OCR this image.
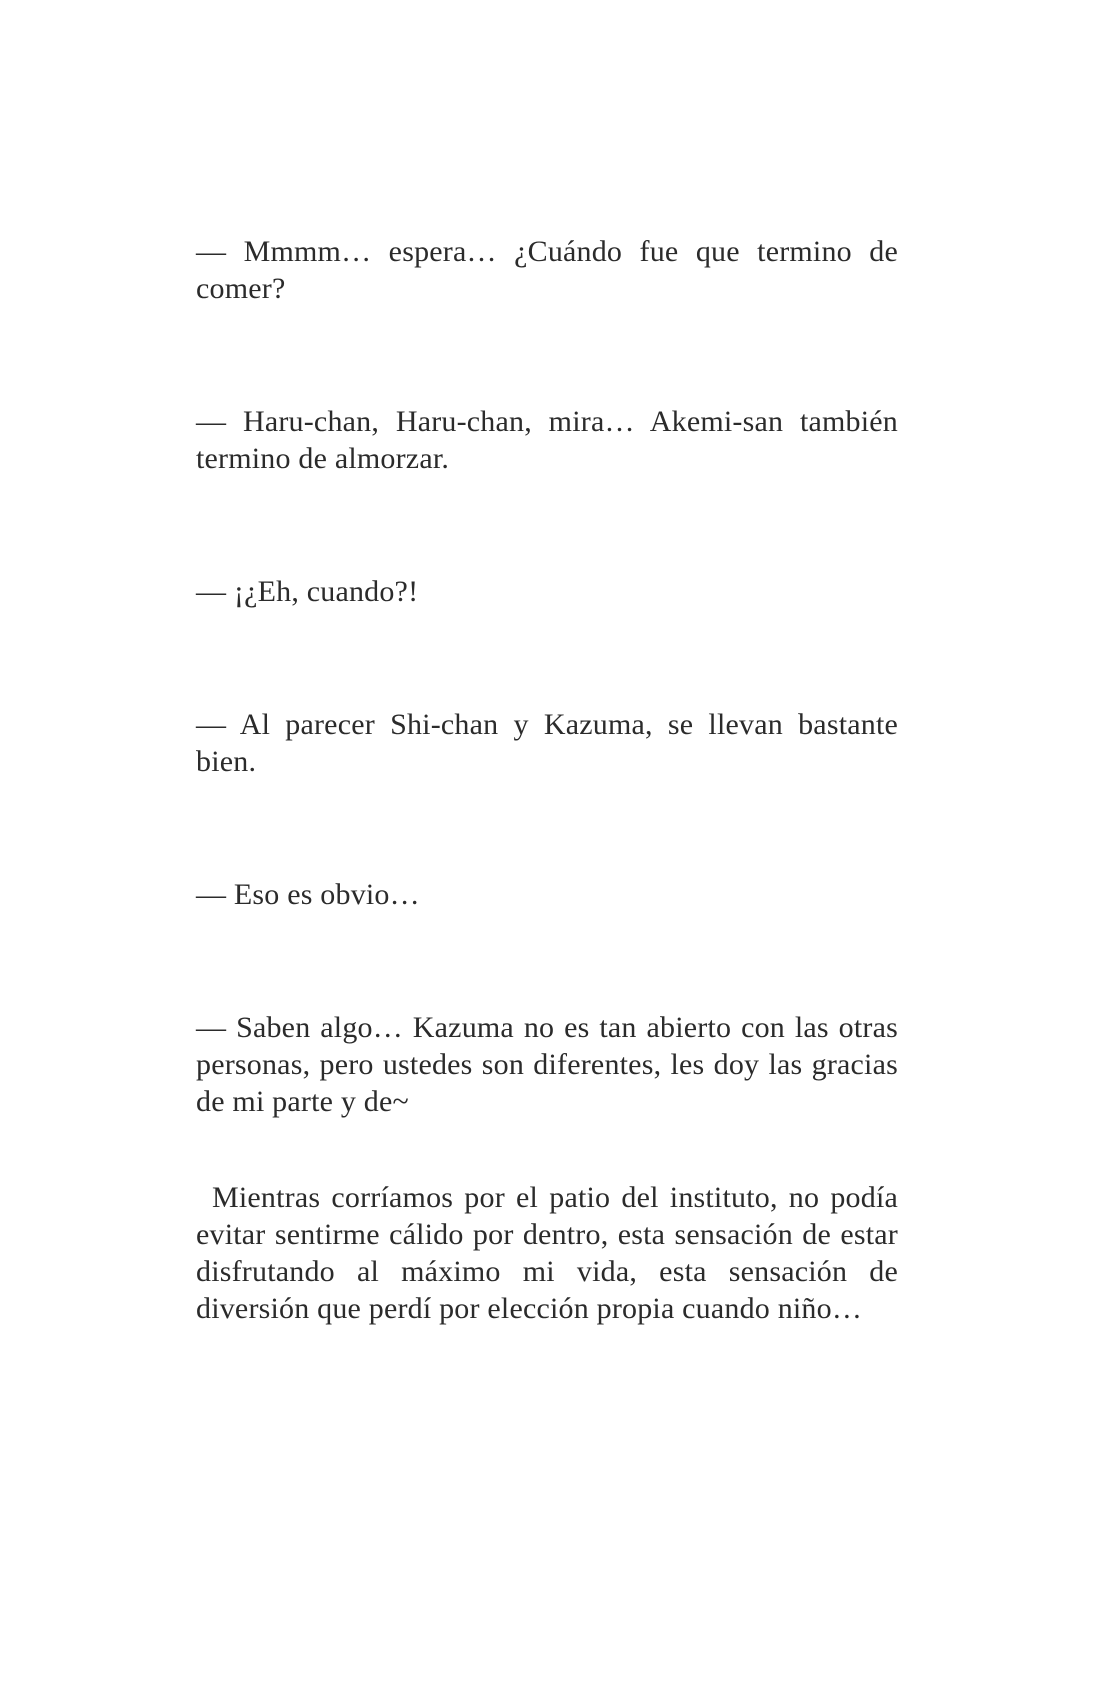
— Mmmm… espera… ¿Cuándo fue que termino de comer?

— Haru-chan, Haru-chan, mira… Akemi-san también termino de almorzar.

— ¡¿Eh, cuando?!

— Al parecer Shi-chan y Kazuma, se llevan bastante bien.

— Eso es obvio…

— Saben algo… Kazuma no es tan abierto con las otras personas, pero ustedes son diferentes, les doy las gracias de mi parte y de~

Mientras corríamos por el patio del instituto, no podía evitar sentirme cálido por dentro, esta sensación de estar disfrutando al máximo mi vida, esta sensación de diversión que perdí por elección propia cuando niño…
